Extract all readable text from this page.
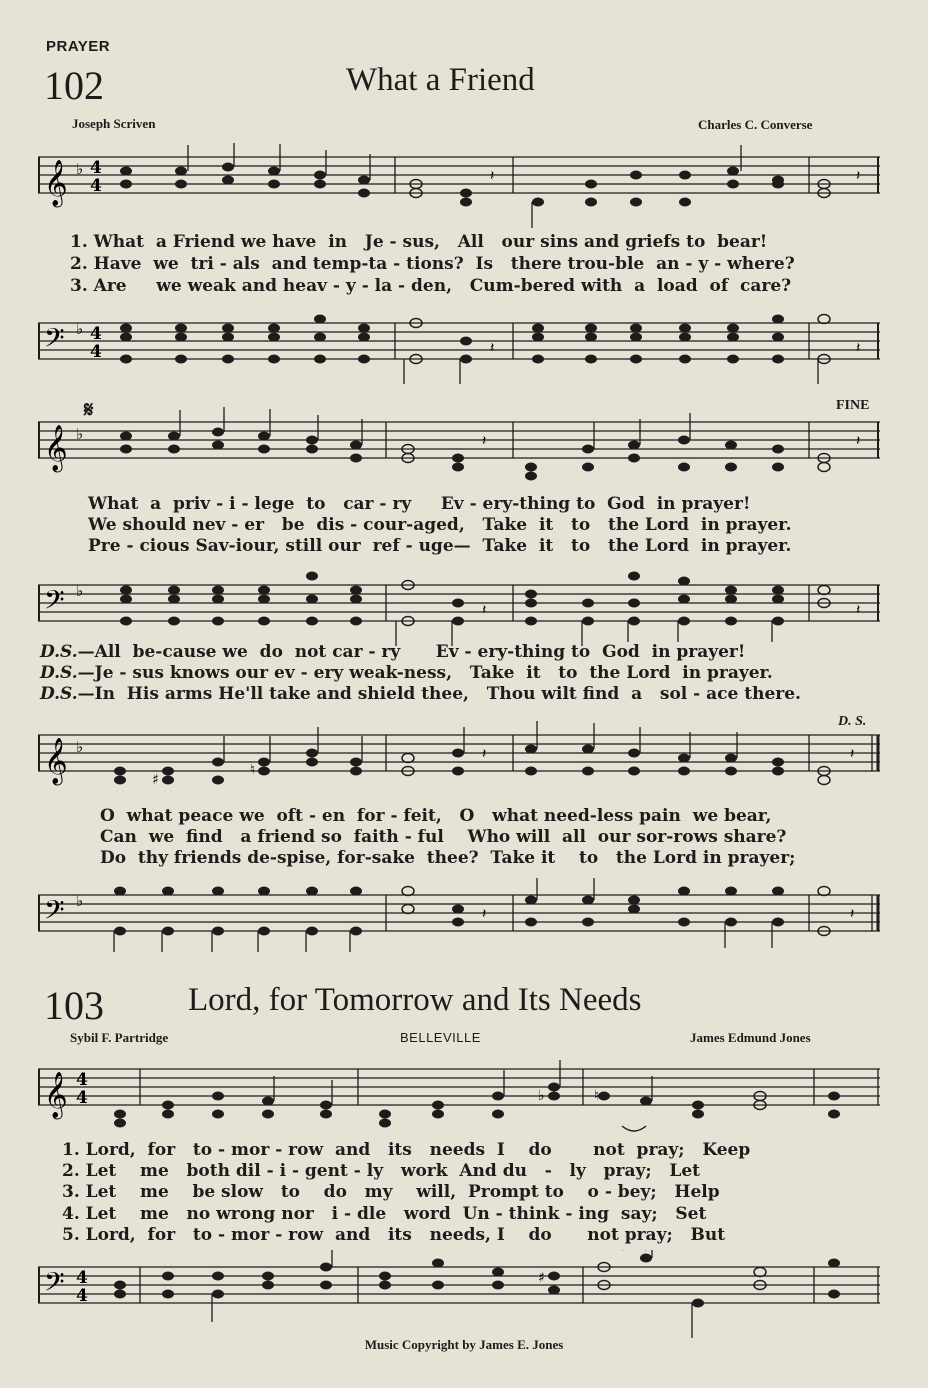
PRAYER
102	What a Friend
Joseph Scriven	Charles C. Converse
𝄞 ♭ 4
4	𝄽	𝄽
1. What  a Friend we have  in   Je - sus,   All   our sins and griefs to  bear!
2. Have  we  tri - als  and temp-ta - tions?  Is   there trou-ble  an - y - where?
3. Are     we weak and heav - y - la - den,   Cum-bered with  a  load  of  care?
𝄢 ♭ 4
4	𝄽	𝄽
𝄋	FINE
𝄞 ♭	𝄽	𝄽
What  a  priv - i - lege  to   car - ry     Ev - ery-thing to  God  in prayer!
We should nev - er   be  dis - cour-aged,   Take  it   to   the Lord  in prayer.
Pre - cious Sav-iour, still our  ref - uge—  Take  it   to   the Lord  in prayer.
𝄢 ♭
𝄽	𝄽
D.S.—All  be-cause we  do  not car - ry      Ev - ery-thing to  God  in prayer!
D.S.—Je - sus knows our ev - ery weak-ness,   Take  it   to  the Lord  in prayer.
D.S.—In  His arms He'll take and shield thee,   Thou wilt find  a   sol - ace there.
D. S.
𝄞 ♭
♯
♮
𝄽	𝄽
O  what peace we  oft - en  for - feit,   O   what need-less pain  we bear,
Can  we  find   a friend so  faith - ful    Who will  all  our sor-rows share?
Do  thy friends de-spise, for-sake  thee?  Take it    to   the Lord in prayer;
𝄢 ♭
𝄽	𝄽
103	Lord, for Tomorrow and Its Needs
Sybil F. Partridge	BELLEVILLE	James Edmund Jones
𝄞 4
4	♮
♭
1. Lord,  for   to - mor - row  and   its   needs  I    do       not  pray;   Keep
2. Let    me   both dil - i - gent - ly   work  And du   -   ly   pray;   Let
3. Let    me    be slow   to    do   my    will,  Prompt to    o - bey;   Help
4. Let    me   no wrong nor   i - dle   word  Un - think - ing  say;   Set
5. Lord,  for   to - mor - row  and   its   needs, I    do      not pray;   But
𝄢 4
4
♯
Music Copyright by James E. Jones
